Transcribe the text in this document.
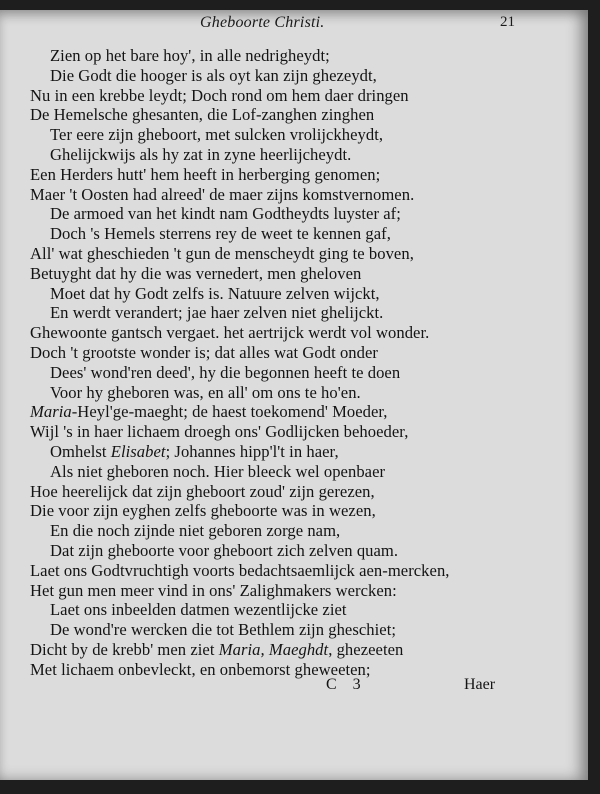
Gheboorte Christi.	21
Zien op het bare hoy', in alle nedrigheydt;
Die Godt die hooger is als oyt kan zijn ghezeydt,
Nu in een krebbe leydt; Doch rond om hem daer dringen
De Hemelsche ghesanten, die Lof-zanghen zinghen
Ter eere zijn gheboort, met sulcken vrolijckheydt,
Ghelijckwijs als hy zat in zyne heerlijcheydt.
Een Herders hutt' hem heeft in herberging genomen;
Maer 't Oosten had alreed' de maer zijns komstvernomen.
De armoed van het kindt nam Godtheydts luyster af;
Doch 's Hemels sterrens rey de weet te kennen gaf,
All' wat gheschieden 't gun de menscheydt ging te boven,
Betuyght dat hy die was vernedert, men gheloven
Moet dat hy Godt zelfs is. Natuure zelven wijckt,
En werdt verandert; jae haer zelven niet ghelijckt.
Ghewoonte gantsch vergaet. het aertrijck werdt vol wonder.
Doch 't grootste wonder is; dat alles wat Godt onder
Dees' wond'ren deed', hy die begonnen heeft te doen
Voor hy gheboren was, en all' om ons te ho'en.
Maria-Heyl'ge-maeght; de haest toekomend' Moeder,
Wijl 's in haer lichaem droegh ons' Godlijcken behoeder,
Omhelst Elisabet; Johannes hipp'l't in haer,
Als niet gheboren noch. Hier bleeck wel openbaer
Hoe heerelijck dat zijn gheboort zoud' zijn gerezen,
Die voor zijn eyghen zelfs gheboorte was in wezen,
En die noch zijnde niet geboren zorge nam,
Dat zijn gheboorte voor gheboort zich zelven quam.
Laet ons Godtvruchtigh voorts bedachtsaemlijck aen-mercken,
Het gun men meer vind in ons' Zalighmakers wercken:
Laet ons inbeelden datmen wezentlijcke ziet
De wond're wercken die tot Bethlem zijn gheschiet;
Dicht by de krebb' men ziet Maria, Maeghdt, ghezeeten
Met lichaem onbevleckt, en onbemorst gheweeten;
C 3	Haer
